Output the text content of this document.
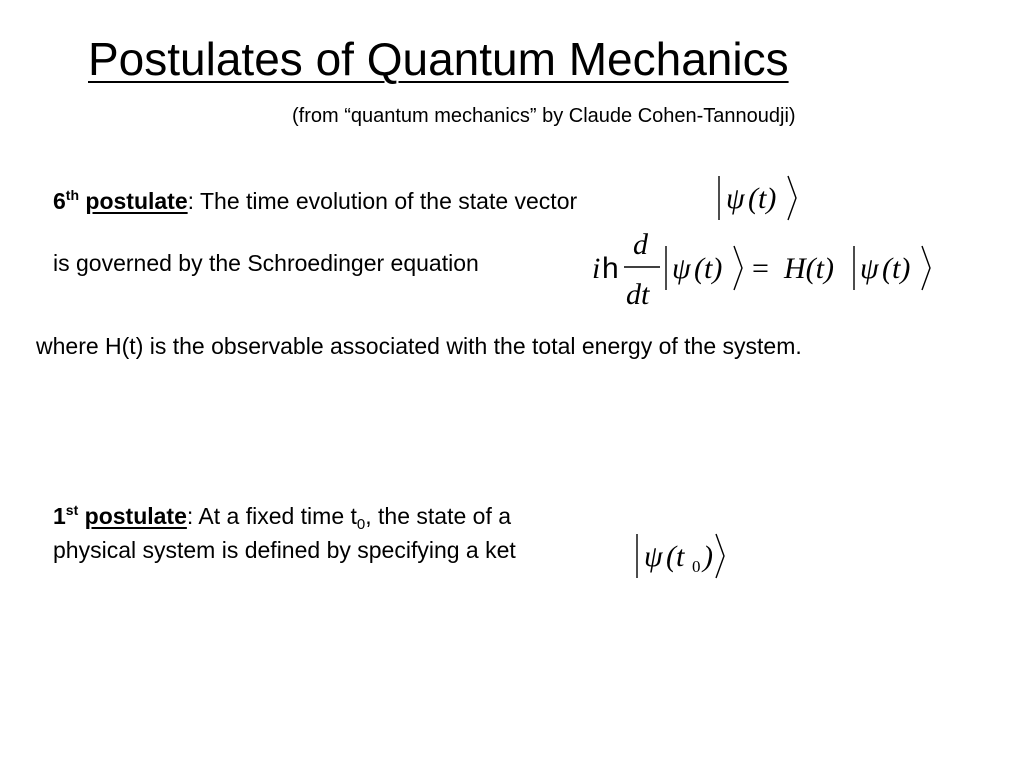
Postulates of Quantum Mechanics
(from “quantum mechanics” by Claude Cohen-Tannoudji)
6th postulate: The time evolution of the state vector	ψ (t)
is governed by the Schroedinger equation	i h
d
dt
ψ (t) = H(t) ψ (t)
where H(t) is the observable associated with the total energy of the system.
1st postulate: At a fixed time $t_0$, the state of a
physical system is defined by specifying a ket	ψ (t 0 )
